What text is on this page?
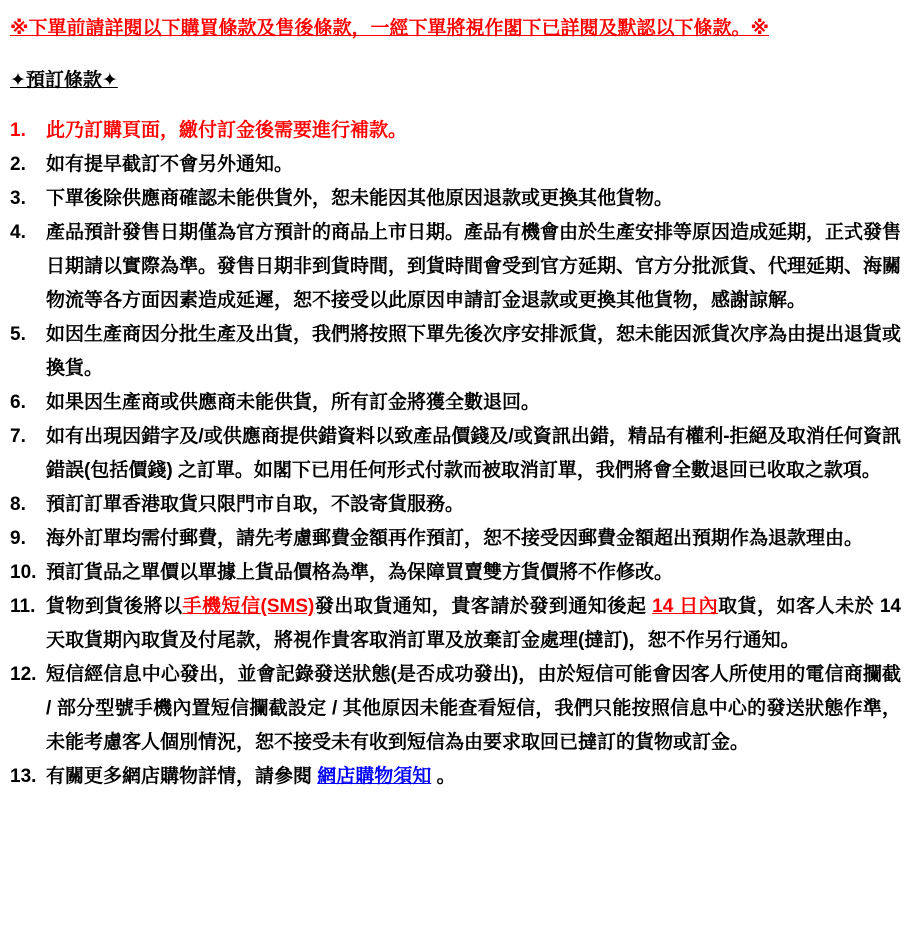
※下單前請詳閱以下購買條款及售後條款，一經下單將視作閣下已詳閱及默認以下條款。※

✦預訂條款✦

1.	此乃訂購頁面，繳付訂金後需要進行補款。
2.	如有提早截訂不會另外通知。
3.	下單後除供應商確認未能供貨外，恕未能因其他原因退款或更換其他貨物。
4.	產品預計發售日期僅為官方預計的商品上市日期。產品有機會由於生產安排等原因造成延期，正式發售日期請以實際為準。發售日期非到貨時間，到貨時間會受到官方延期、官方分批派貨、代理延期、海關物流等各方面因素造成延遲，恕不接受以此原因申請訂金退款或更換其他貨物，感謝諒解。
5.	如因生產商因分批生產及出貨，我們將按照下單先後次序安排派貨，恕未能因派貨次序為由提出退貨或換貨。
6.	如果因生產商或供應商未能供貨，所有訂金將獲全數退回。
7.	如有出現因錯字及/或供應商提供錯資料以致產品價錢及/或資訊出錯，精品有權利-拒絕及取消任何資訊錯誤(包括價錢) 之訂單。如閣下已用任何形式付款而被取消訂單，我們將會全數退回已收取之款項。
8.	預訂訂單香港取貨只限門市自取，不設寄貨服務。
9.	海外訂單均需付郵費，請先考慮郵費金額再作預訂，恕不接受因郵費金額超出預期作為退款理由。
10. 預訂貨品之單價以單據上貨品價格為準，為保障買賣雙方貨價將不作修改。
11. 貨物到貨後將以手機短信(SMS)發出取貨通知，貴客請於發到通知後起 14 日內取貨，如客人未於 14 天取貨期內取貨及付尾款，將視作貴客取消訂單及放棄訂金處理(撻訂)，恕不作另行通知。
12. 短信經信息中心發出，並會記錄發送狀態(是否成功發出)，由於短信可能會因客人所使用的電信商攔截 / 部分型號手機內置短信攔截設定 / 其他原因未能查看短信，我們只能按照信息中心的發送狀態作準，未能考慮客人個別情況，恕不接受未有收到短信為由要求取回已撻訂的貨物或訂金。
13. 有關更多網店購物詳情，請參閱 網店購物須知 。
